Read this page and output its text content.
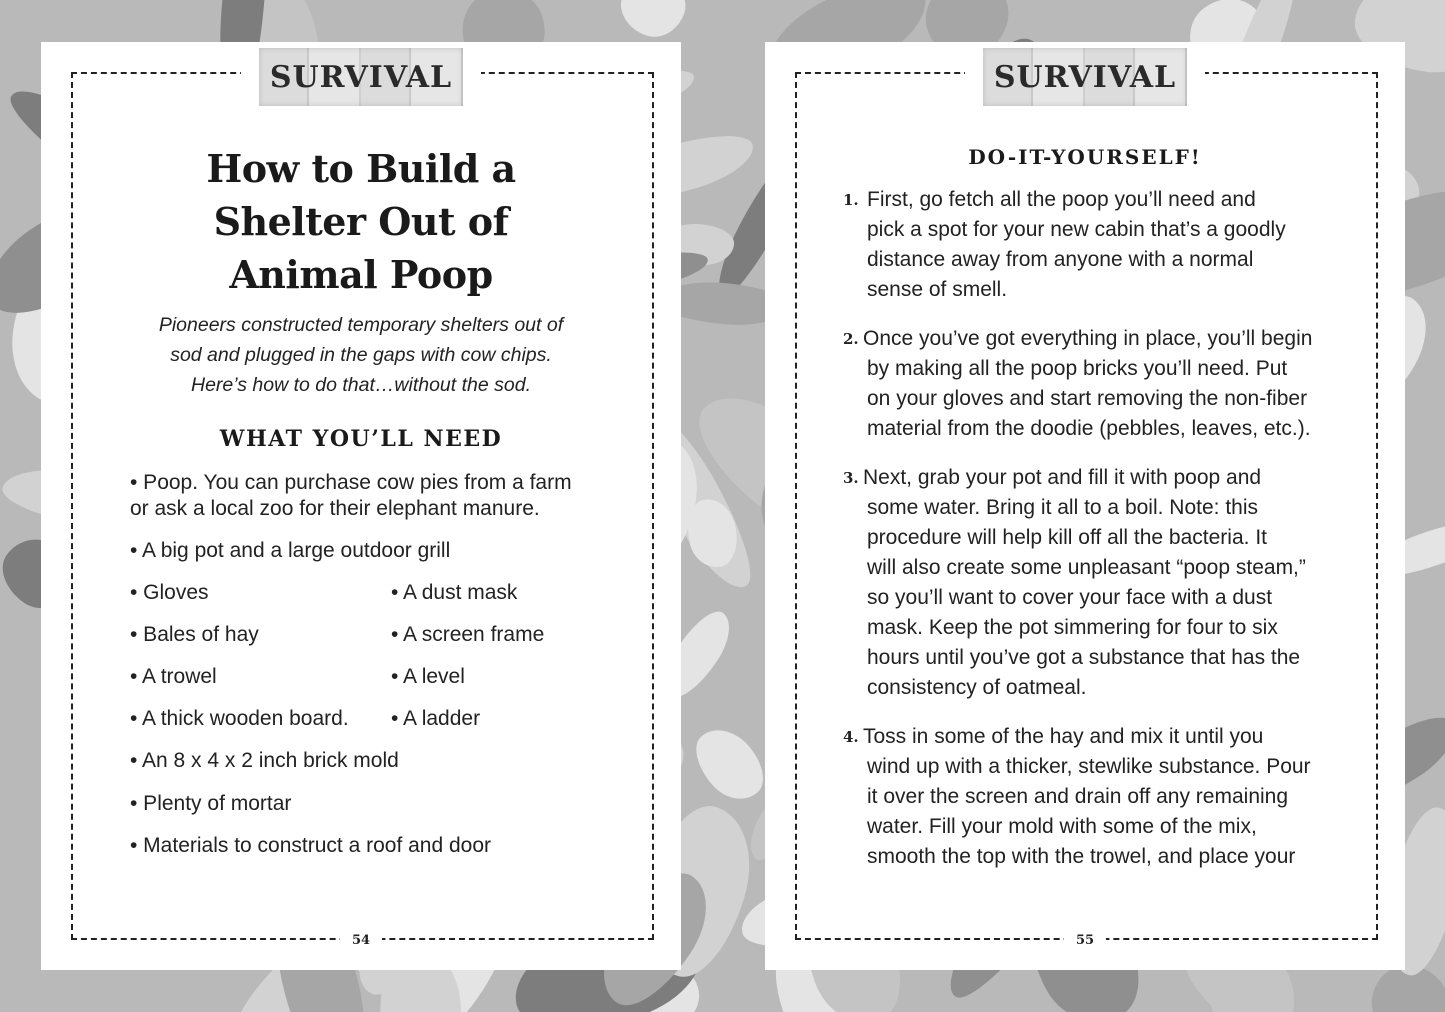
SURVIVAL
How to Build a
Shelter Out of
Animal Poop
Pioneers constructed temporary shelters out of
sod and plugged in the gaps with cow chips.
Here’s how to do that…without the sod.
WHAT YOU’LL NEED
• Poop. You can purchase cow pies from a farm
or ask a local zoo for their elephant manure.
• A big pot and a large outdoor grill
• Gloves	• A dust mask
• Bales of hay	• A screen frame
• A trowel	• A level
• A thick wooden board. • A ladder
• An 8 x 4 x 2 inch brick mold
• Plenty of mortar
• Materials to construct a roof and door
54
SURVIVAL
DO-IT-YOURSELF!
1. First, go fetch all the poop you’ll need and
pick a spot for your new cabin that’s a goodly
distance away from anyone with a normal
sense of smell.
2. Once you’ve got everything in place, you’ll begin
by making all the poop bricks you’ll need. Put
on your gloves and start removing the non-fiber
material from the doodie (pebbles, leaves, etc.).
3. Next, grab your pot and fill it with poop and
some water. Bring it all to a boil. Note: this
procedure will help kill off all the bacteria. It
will also create some unpleasant “poop steam,”
so you’ll want to cover your face with a dust
mask. Keep the pot simmering for four to six
hours until you’ve got a substance that has the
consistency of oatmeal.
4. Toss in some of the hay and mix it until you
wind up with a thicker, stewlike substance. Pour
it over the screen and drain off any remaining
water. Fill your mold with some of the mix,
smooth the top with the trowel, and place your
55
